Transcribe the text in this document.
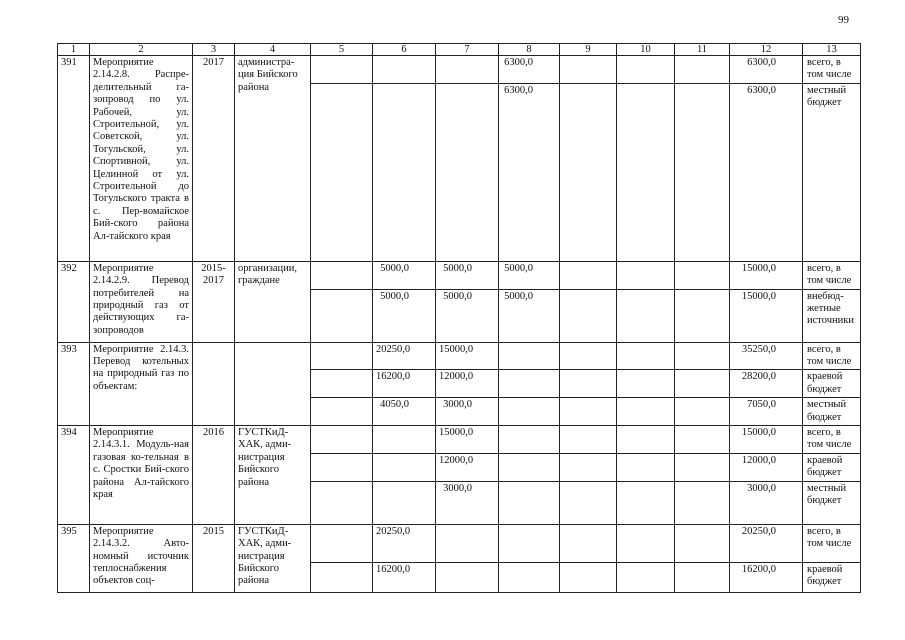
99
1	2	3	4	5	6	7	8	9	10	11	12	13
391	Мероприятие 2.14.2.8. Распре-делительный га-зопровод по ул. Рабочей, ул. Строительной, ул. Советской, ул. Тогульской, ул. Спортивной, ул. Целинной от ул. Строительной до Тогульского тракта в с. Пер-вомайское Бий-ского района Ал-тайского края	2017	администра-ция Бийского района				6300,0				6300,0	всего, в том числе
							6300,0				6300,0	местный бюджет
392	Мероприятие 2.14.2.9. Перевод потребителей на природный газ от действующих га-зопроводов	2015-2017	организации, граждане		5000,0	5000,0	5000,0				15000,0	всего, в том числе
					5000,0	5000,0	5000,0				15000,0	внебюд-жетные источники
393	Мероприятие 2.14.3. Перевод котельных на природный газ по объектам:				20250,0	15000,0					35250,0	всего, в том числе
					16200,0	12000,0					28200,0	краевой бюджет
					4050,0	3000,0					7050,0	местный бюджет
394	Мероприятие 2.14.3.1. Модуль-ная газовая ко-тельная в с. Сростки Бий-ского района Ал-тайского края	2016	ГУСТКиД-ХАК, адми-нистрация Бийского района			15000,0					15000,0	всего, в том числе
						12000,0					12000,0	краевой бюджет
						3000,0					3000,0	местный бюджет
395	Мероприятие 2.14.3.2. Авто-номный источник теплоснабжения объектов соц-	2015	ГУСТКиД-ХАК, адми-нистрация Бийского района		20250,0						20250,0	всего, в том числе
					16200,0						16200,0	краевой бюджет
